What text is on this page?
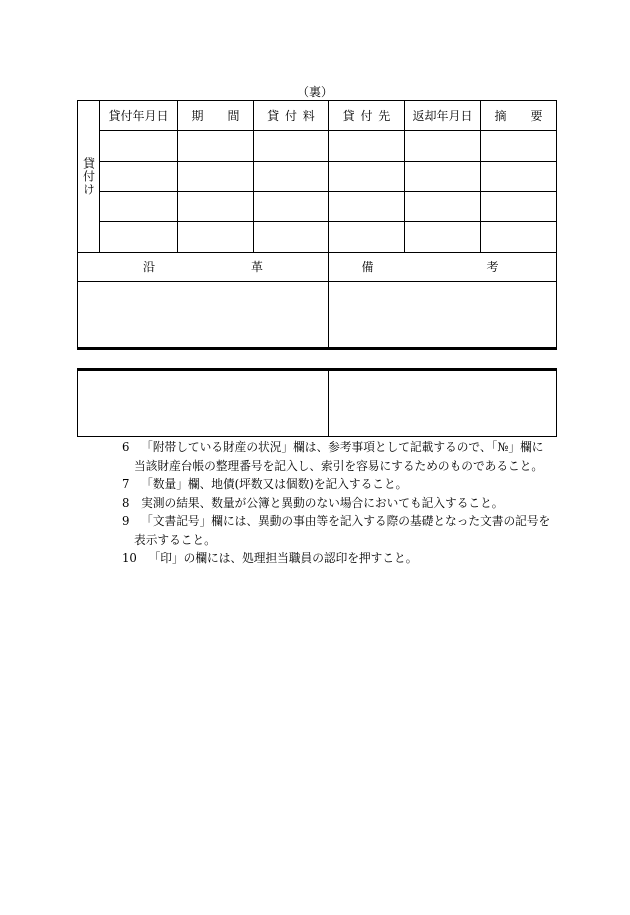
（裏）
貸付け
貸付年月日 期　　間 貸 付 料 貸 付 先 返却年月日 摘　　要
沿　　　革	備　　　考
6 「附帯している財産の状況」欄は、参考事項として記載するので、「№」欄に
当該財産台帳の整理番号を記入し、索引を容易にするためのものであること。
7 「数量」欄、地債(坪数又は個数)を記入すること。
8 実測の結果、数量が公簿と異動のない場合においても記入すること。
9 「文書記号」欄には、異動の事由等を記入する際の基礎となった文書の記号を
表示すること。
10 「印」の欄には、処理担当職員の認印を押すこと。
